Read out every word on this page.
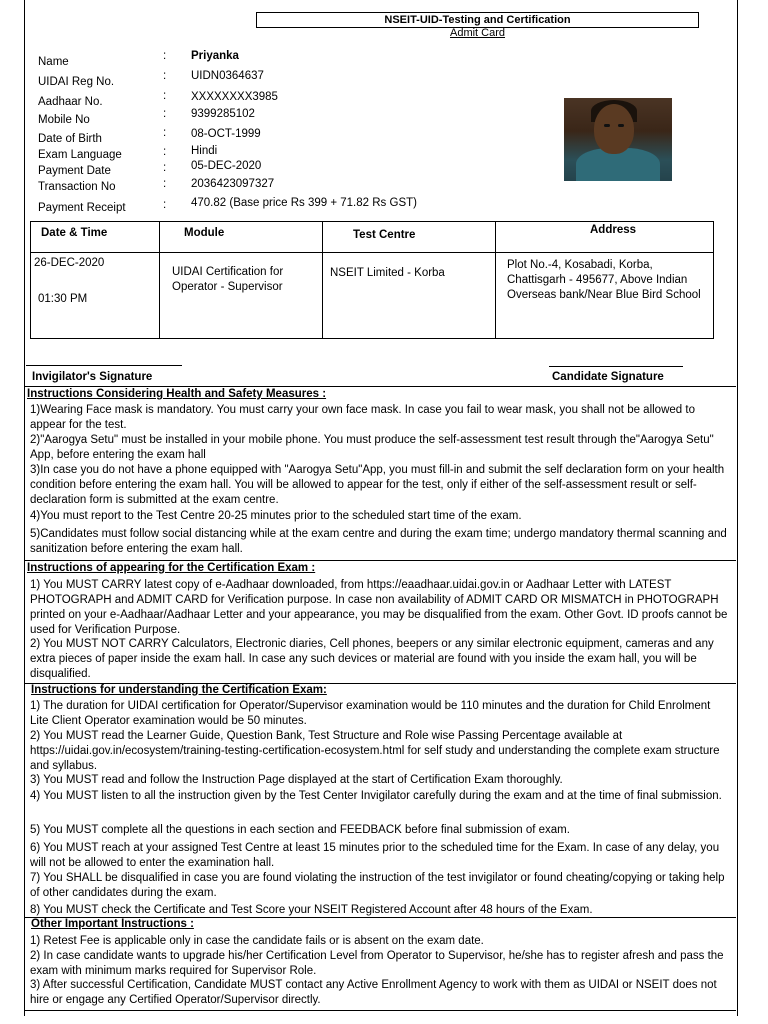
NSEIT-UID-Testing and Certification
Admit Card
Name	: Priyanka
UIDAI Reg No.	: UIDN0364637
Aadhaar No.	: XXXXXXXX3985
Mobile No	: 9399285102
Date of Birth	: 08-OCT-1999
Exam Language	: Hindi
Payment Date	: 05-DEC-2020
Transaction No	: 2036423097327
Payment Receipt	: 470.82 (Base price Rs 399 + 71.82 Rs GST)
Date & Time	Module	Test Centre	Address

26-DEC-2020
01:30 PM	UIDAI Certification for Operator - Supervisor	NSEIT Limited - Korba	Plot No.-4, Kosabadi, Korba, Chattisgarh - 495677, Above Indian Overseas bank/Near Blue Bird School
Invigilator's Signature	Candidate Signature
Instructions Considering Health and Safety Measures :
1)Wearing Face mask is mandatory. You must carry your own face mask. In case you fail to wear mask, you shall not be allowed to appear for the test.
2)"Aarogya Setu" must be installed in your mobile phone. You must produce the self-assessment test result through the"Aarogya Setu" App, before entering the exam hall
3)In case you do not have a phone equipped with "Aarogya Setu"App, you must fill-in and submit the self declaration form on your health condition before entering the exam hall. You will be allowed to appear for the test, only if either of the self-assessment result or self-declaration form is submitted at the exam centre.
4)You must report to the Test Centre 20-25 minutes prior to the scheduled start time of the exam.
5)Candidates must follow social distancing while at the exam centre and during the exam time; undergo mandatory thermal scanning and sanitization before entering the exam hall.
Instructions of appearing for the Certification Exam :
1) You MUST CARRY latest copy of e-Aadhaar downloaded, from https://eaadhaar.uidai.gov.in or Aadhaar Letter with LATEST PHOTOGRAPH and ADMIT CARD for Verification purpose. In case non availability of ADMIT CARD OR MISMATCH in PHOTOGRAPH printed on your e-Aadhaar/Aadhaar Letter and your appearance, you may be disqualified from the exam. Other Govt. ID proofs cannot be used for Verification Purpose.
2) You MUST NOT CARRY Calculators, Electronic diaries, Cell phones, beepers or any similar electronic equipment, cameras and any extra pieces of paper inside the exam hall. In case any such devices or material are found with you inside the exam hall, you will be disqualified.
Instructions for understanding the Certification Exam:
1) The duration for UIDAI certification for Operator/Supervisor examination would be 110 minutes and the duration for Child Enrolment Lite Client Operator examination would be 50 minutes.
2) You MUST read the Learner Guide, Question Bank, Test Structure and Role wise Passing Percentage available at https://uidai.gov.in/ecosystem/training-testing-certification-ecosystem.html for self study and understanding the complete exam structure and syllabus.
3) You MUST read and follow the Instruction Page displayed at the start of Certification Exam thoroughly.
4) You MUST listen to all the instruction given by the Test Center Invigilator carefully during the exam and at the time of final submission.
5) You MUST complete all the questions in each section and FEEDBACK before final submission of exam.
6) You MUST reach at your assigned Test Centre at least 15 minutes prior to the scheduled time for the Exam. In case of any delay, you will not be allowed to enter the examination hall.
7) You SHALL be disqualified in case you are found violating the instruction of the test invigilator or found cheating/copying or taking help of other candidates during the exam.
8) You MUST check the Certificate and Test Score your NSEIT Registered Account after 48 hours of the Exam.
Other Important Instructions :
1) Retest Fee is applicable only in case the candidate fails or is absent on the exam date.
2) In case candidate wants to upgrade his/her Certification Level from Operator to Supervisor, he/she has to register afresh and pass the exam with minimum marks required for Supervisor Role.
3) After successful Certification, Candidate MUST contact any Active Enrollment Agency to work with them as UIDAI or NSEIT does not hire or engage any Certified Operator/Supervisor directly.
